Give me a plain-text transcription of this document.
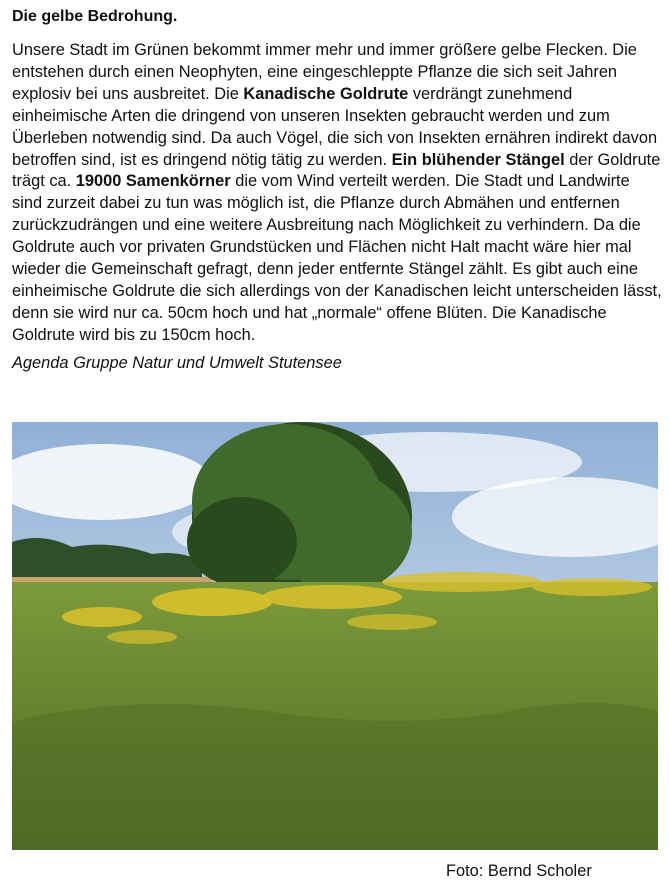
Die gelbe Bedrohung.

Unsere Stadt im Grünen bekommt immer mehr und immer größere gelbe Flecken. Die entstehen durch einen Neophyten, eine eingeschleppte Pflanze die sich seit Jahren explosiv bei uns ausbreitet. Die Kanadische Goldrute verdrängt zunehmend einheimische Arten die dringend von unseren Insekten gebraucht werden und zum Überleben notwendig sind. Da auch Vögel, die sich von Insekten ernähren indirekt davon betroffen sind, ist es dringend nötig tätig zu werden. Ein blühender Stängel der Goldrute trägt ca. 19000 Samenkörner die vom Wind verteilt werden. Die Stadt und Landwirte sind zurzeit dabei zu tun was möglich ist, die Pflanze durch Abmähen und entfernen zurückzudrängen und eine weitere Ausbreitung nach Möglichkeit zu verhindern. Da die Goldrute auch vor privaten Grundstücken und Flächen nicht Halt macht wäre hier mal wieder die Gemeinschaft gefragt, denn jeder entfernte Stängel zählt. Es gibt auch eine einheimische Goldrute die sich allerdings von der Kanadischen leicht unterscheiden lässt, denn sie wird nur ca. 50cm hoch und hat „normale“ offene Blüten. Die Kanadische Goldrute wird bis zu 150cm hoch.

Agenda Gruppe Natur und Umwelt Stutensee

Foto: Bernd Scholer
